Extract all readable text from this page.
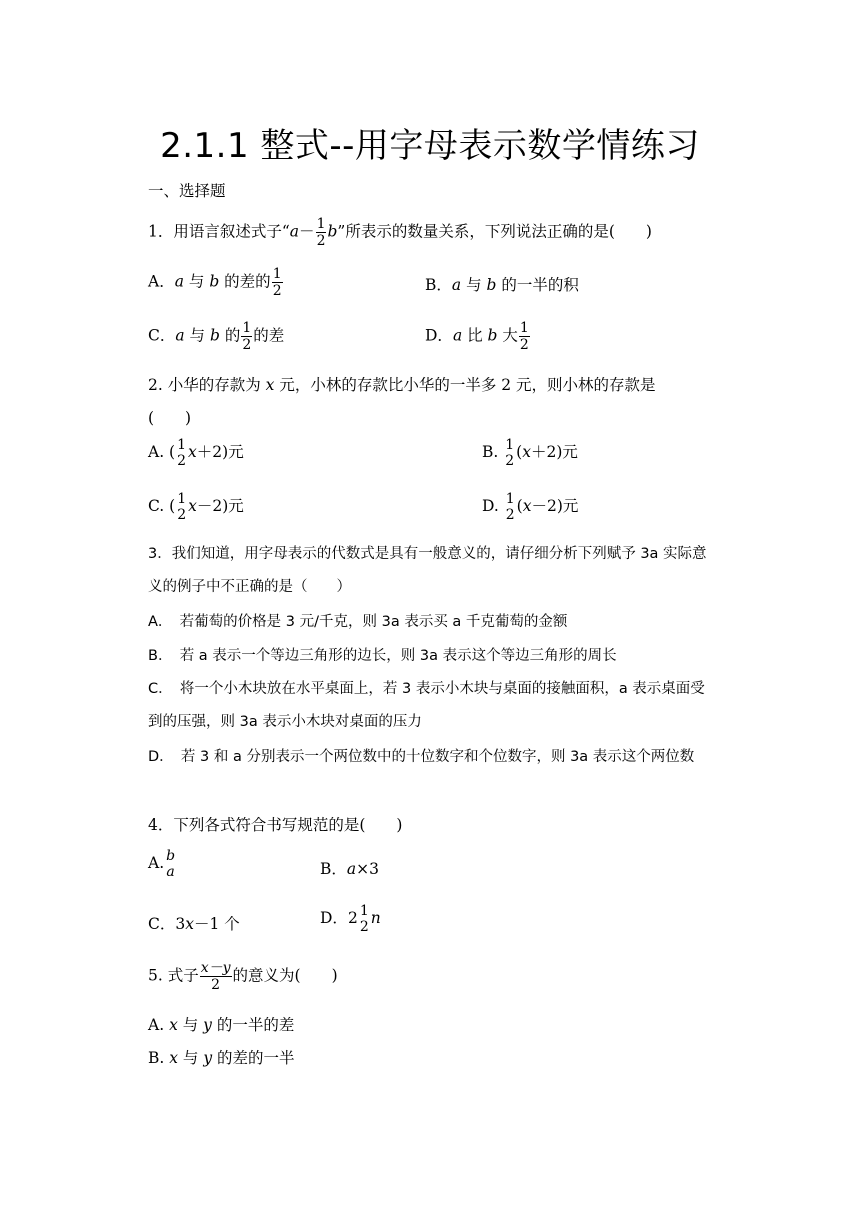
2.1.1 整式--用字母表示数学情练习
一、选择题
1．用语言叙述式子“$a- \frac{1}{2} b$”所表示的数量关系，下列说法正确的是(　　)
A．a 与 b 的差的 $\frac{1}{2}$	B．a 与 b 的一半的积
C．a 与 b 的 $\frac{1}{2}$ 的差	D．a 比 b 大 $\frac{1}{2}$
2. 小华的存款为 x 元，小林的存款比小华的一半多 2 元，则小林的存款是
(　　)
A. ( 1
2 x＋2)元	B. 1
2 (x＋2)元
C. ( 1
2 x－2)元	D. 1
2 (x－2)元
3．我们知道，用字母表示的代数式是具有一般意义的，请仔细分析下列赋予 3a 实际意义的例子中不正确的是（　　）
A．　若葡萄的价格是 3 元/千克，则 3a 表示买 a 千克葡萄的金额
B．　若 a 表示一个等边三角形的边长，则 3a 表示这个等边三角形的周长
C．　将一个小木块放在水平桌面上，若 3 表示小木块与桌面的接触面积，a 表示桌面受到的压强，则 3a 表示小木块对桌面的压力
D．　若 3 和 a 分别表示一个两位数中的十位数字和个位数字，则 3a 表示这个两位数
4．下列各式符合书写规范的是(　　)
A. b
a	B．a×3
C．3x－1 个	D．2 1
2 n
5. 式子 $\frac{x-y}{2}$ 的意义为(　　)
A. x 与 y 的一半的差
B. x 与 y 的差的一半
